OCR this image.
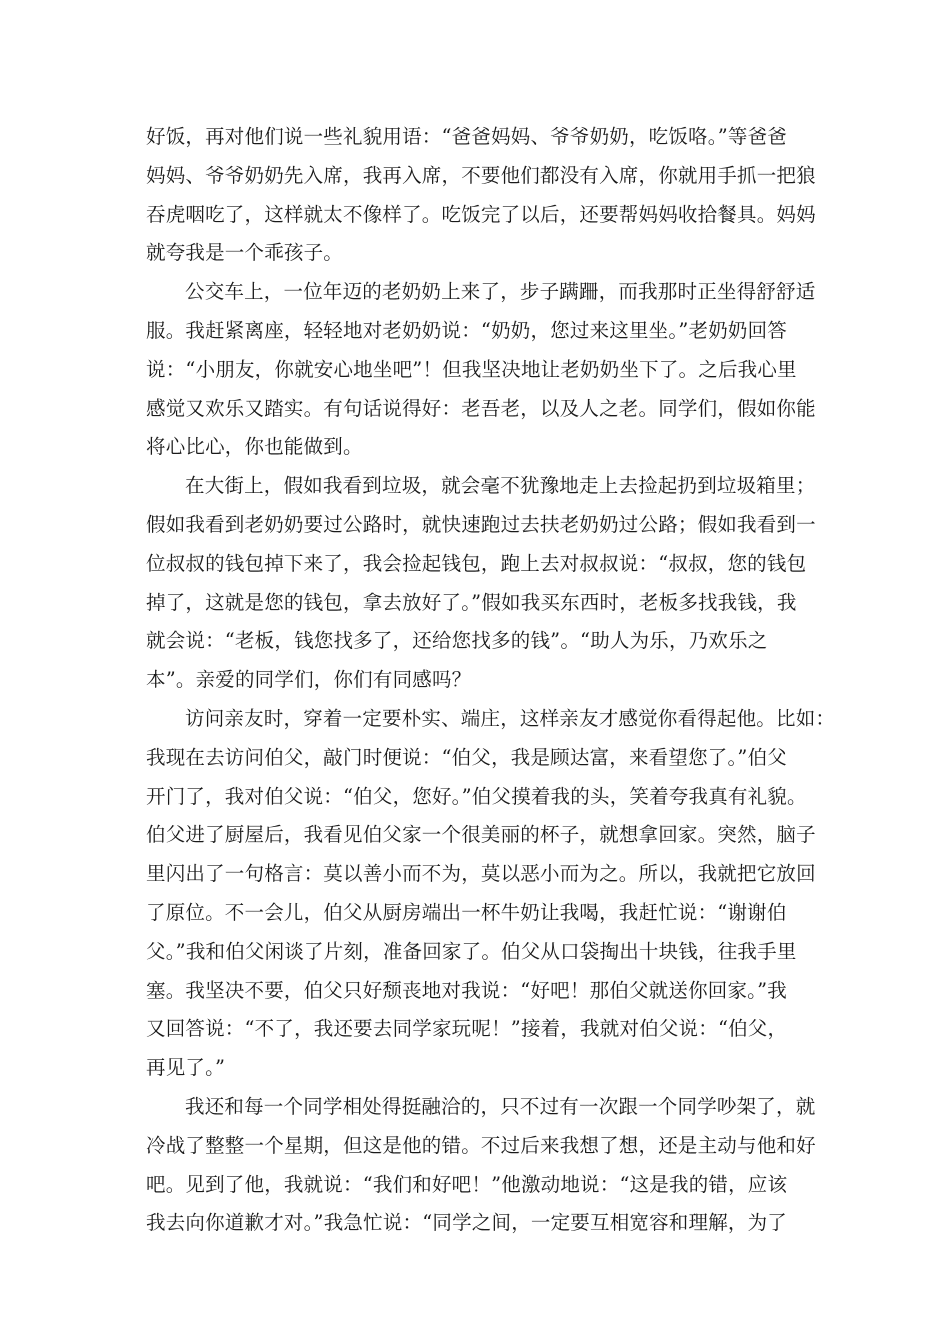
好饭，再对他们说一些礼貌用语：“爸爸妈妈、爷爷奶奶，吃饭咯。”等爸爸
妈妈、爷爷奶奶先入席，我再入席，不要他们都没有入席，你就用手抓一把狼
吞虎咽吃了，这样就太不像样了。吃饭完了以后，还要帮妈妈收拾餐具。妈妈
就夸我是一个乖孩子。
公交车上，一位年迈的老奶奶上来了，步子蹒跚，而我那时正坐得舒舒适
服。我赶紧离座，轻轻地对老奶奶说：“奶奶，您过来这里坐。”老奶奶回答
说：“小朋友，你就安心地坐吧”！但我坚决地让老奶奶坐下了。之后我心里
感觉又欢乐又踏实。有句话说得好：老吾老，以及人之老。同学们，假如你能
将心比心，你也能做到。
在大街上，假如我看到垃圾，就会毫不犹豫地走上去捡起扔到垃圾箱里；
假如我看到老奶奶要过公路时，就快速跑过去扶老奶奶过公路；假如我看到一
位叔叔的钱包掉下来了，我会捡起钱包，跑上去对叔叔说：“叔叔，您的钱包
掉了，这就是您的钱包，拿去放好了。”假如我买东西时，老板多找我钱，我
就会说：“老板，钱您找多了，还给您找多的钱”。“助人为乐，乃欢乐之
本”。亲爱的同学们，你们有同感吗？
访问亲友时，穿着一定要朴实、端庄，这样亲友才感觉你看得起他。比如：
我现在去访问伯父，敲门时便说：“伯父，我是顾达富，来看望您了。”伯父
开门了，我对伯父说：“伯父，您好。”伯父摸着我的头，笑着夸我真有礼貌。
伯父进了厨屋后，我看见伯父家一个很美丽的杯子，就想拿回家。突然，脑子
里闪出了一句格言：莫以善小而不为，莫以恶小而为之。所以，我就把它放回
了原位。不一会儿，伯父从厨房端出一杯牛奶让我喝，我赶忙说：“谢谢伯
父。”我和伯父闲谈了片刻，准备回家了。伯父从口袋掏出十块钱，往我手里
塞。我坚决不要，伯父只好颓丧地对我说：“好吧！那伯父就送你回家。”我
又回答说：“不了，我还要去同学家玩呢！”接着，我就对伯父说：“伯父，
再见了。”
我还和每一个同学相处得挺融洽的，只不过有一次跟一个同学吵架了，就
冷战了整整一个星期，但这是他的错。不过后来我想了想，还是主动与他和好
吧。见到了他，我就说：“我们和好吧！”他激动地说：“这是我的错，应该
我去向你道歉才对。”我急忙说：“同学之间，一定要互相宽容和理解，为了
